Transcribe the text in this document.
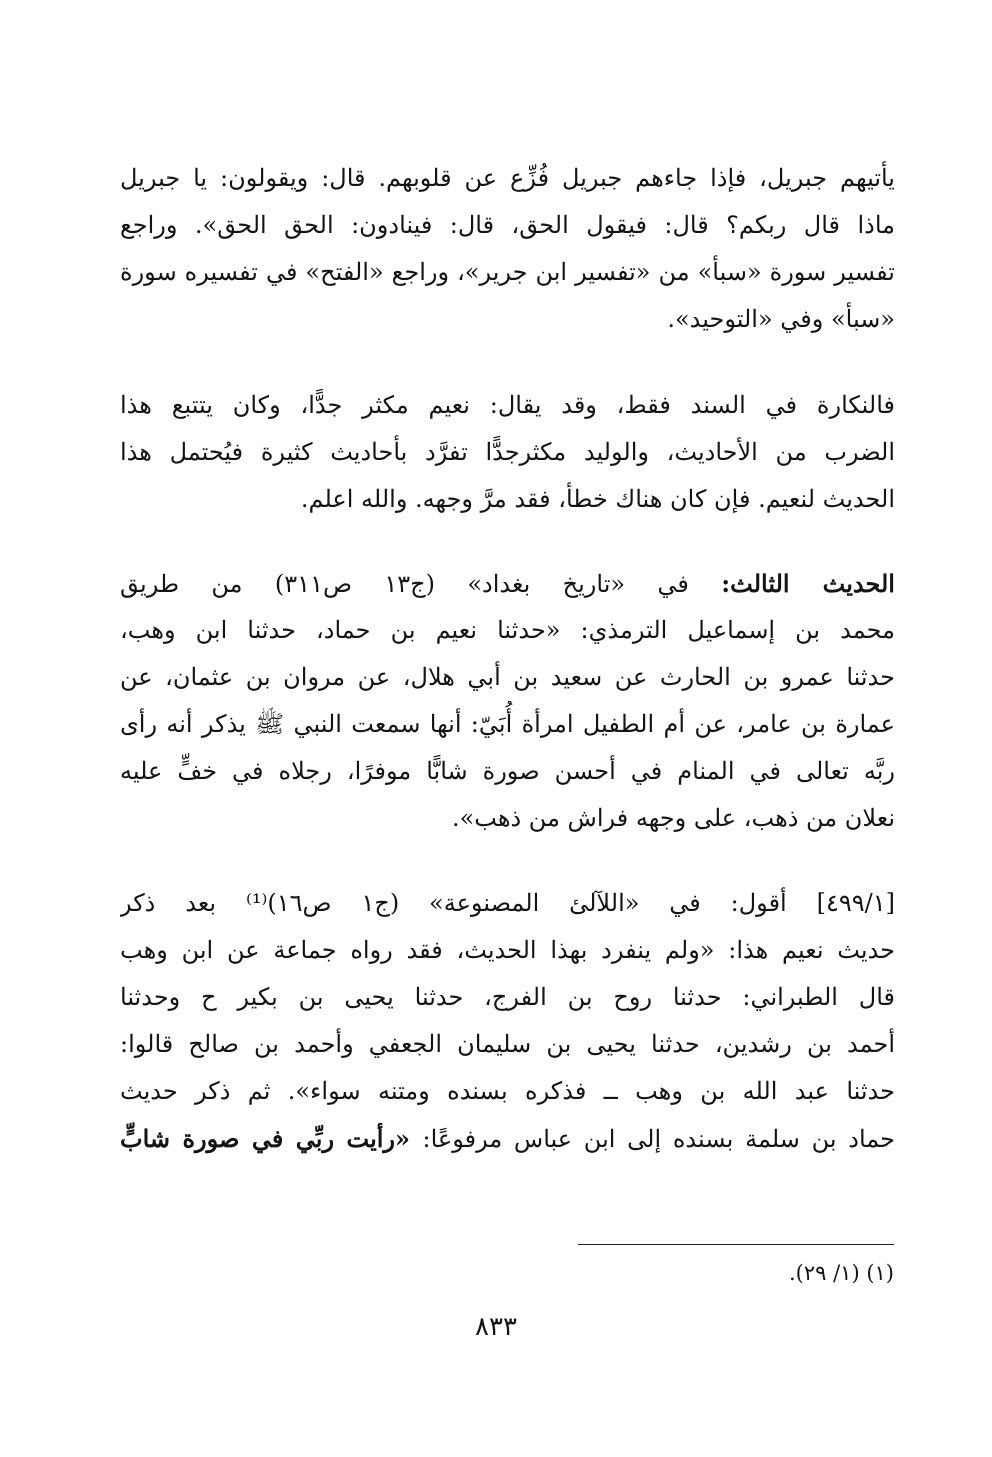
يأتيهم جبريل، فإذا جاءهم جبريل فُزِّع عن قلوبهم. قال: ويقولون: يا جبريل
ماذا قال ربكم؟ قال: فيقول الحق، قال: فينادون: الحق الحق». وراجع
تفسير سورة «سبأ» من «تفسير ابن جرير»، وراجع «الفتح» في تفسيره سورة
«سبأ» وفي «التوحيد».
فالنكارة في السند فقط، وقد يقال: نعيم مكثر جدًّا، وكان يتتبع هذا
الضرب من الأحاديث، والوليد مكثرجدًّا تفرَّد بأحاديث كثيرة فيُحتمل هذا
الحديث لنعيم. فإن كان هناك خطأ، فقد مرَّ وجهه. والله اعلم.
الحديث الثالث: في «تاريخ بغداد» (ج١٣ ص٣١١) من طريق
محمد بن إسماعيل الترمذي: «حدثنا نعيم بن حماد، حدثنا ابن وهب،
حدثنا عمرو بن الحارث عن سعيد بن أبي هلال، عن مروان بن عثمان، عن
عمارة بن عامر، عن أم الطفيل امرأة أُبَيّ: أنها سمعت النبي ﷺ يذكر أنه رأى
ربَّه تعالى في المنام في أحسن صورة شابًّا موفرًا، رجلاه في خفٍّ عليه
نعلان من ذهب، على وجهه فراش من ذهب».
[٤٩٩/١] أقول: في «اللآلئ المصنوعة» (ج١ ص١٦)⁽¹⁾ بعد ذكر
حديث نعيم هذا: «ولم ينفرد بهذا الحديث، فقد رواه جماعة عن ابن وهب
قال الطبراني: حدثنا روح بن الفرج، حدثنا يحيى بن بكير ح وحدثنا
أحمد بن رشدين، حدثنا يحيى بن سليمان الجعفي وأحمد بن صالح قالوا:
حدثنا عبد الله بن وهب ــ فذكره بسنده ومتنه سواء». ثم ذكر حديث
حماد بن سلمة بسنده إلى ابن عباس مرفوعًا: «رأيت ربِّي في صورة شابٍّ
(١) (١/ ٢٩).
٨٣٣
